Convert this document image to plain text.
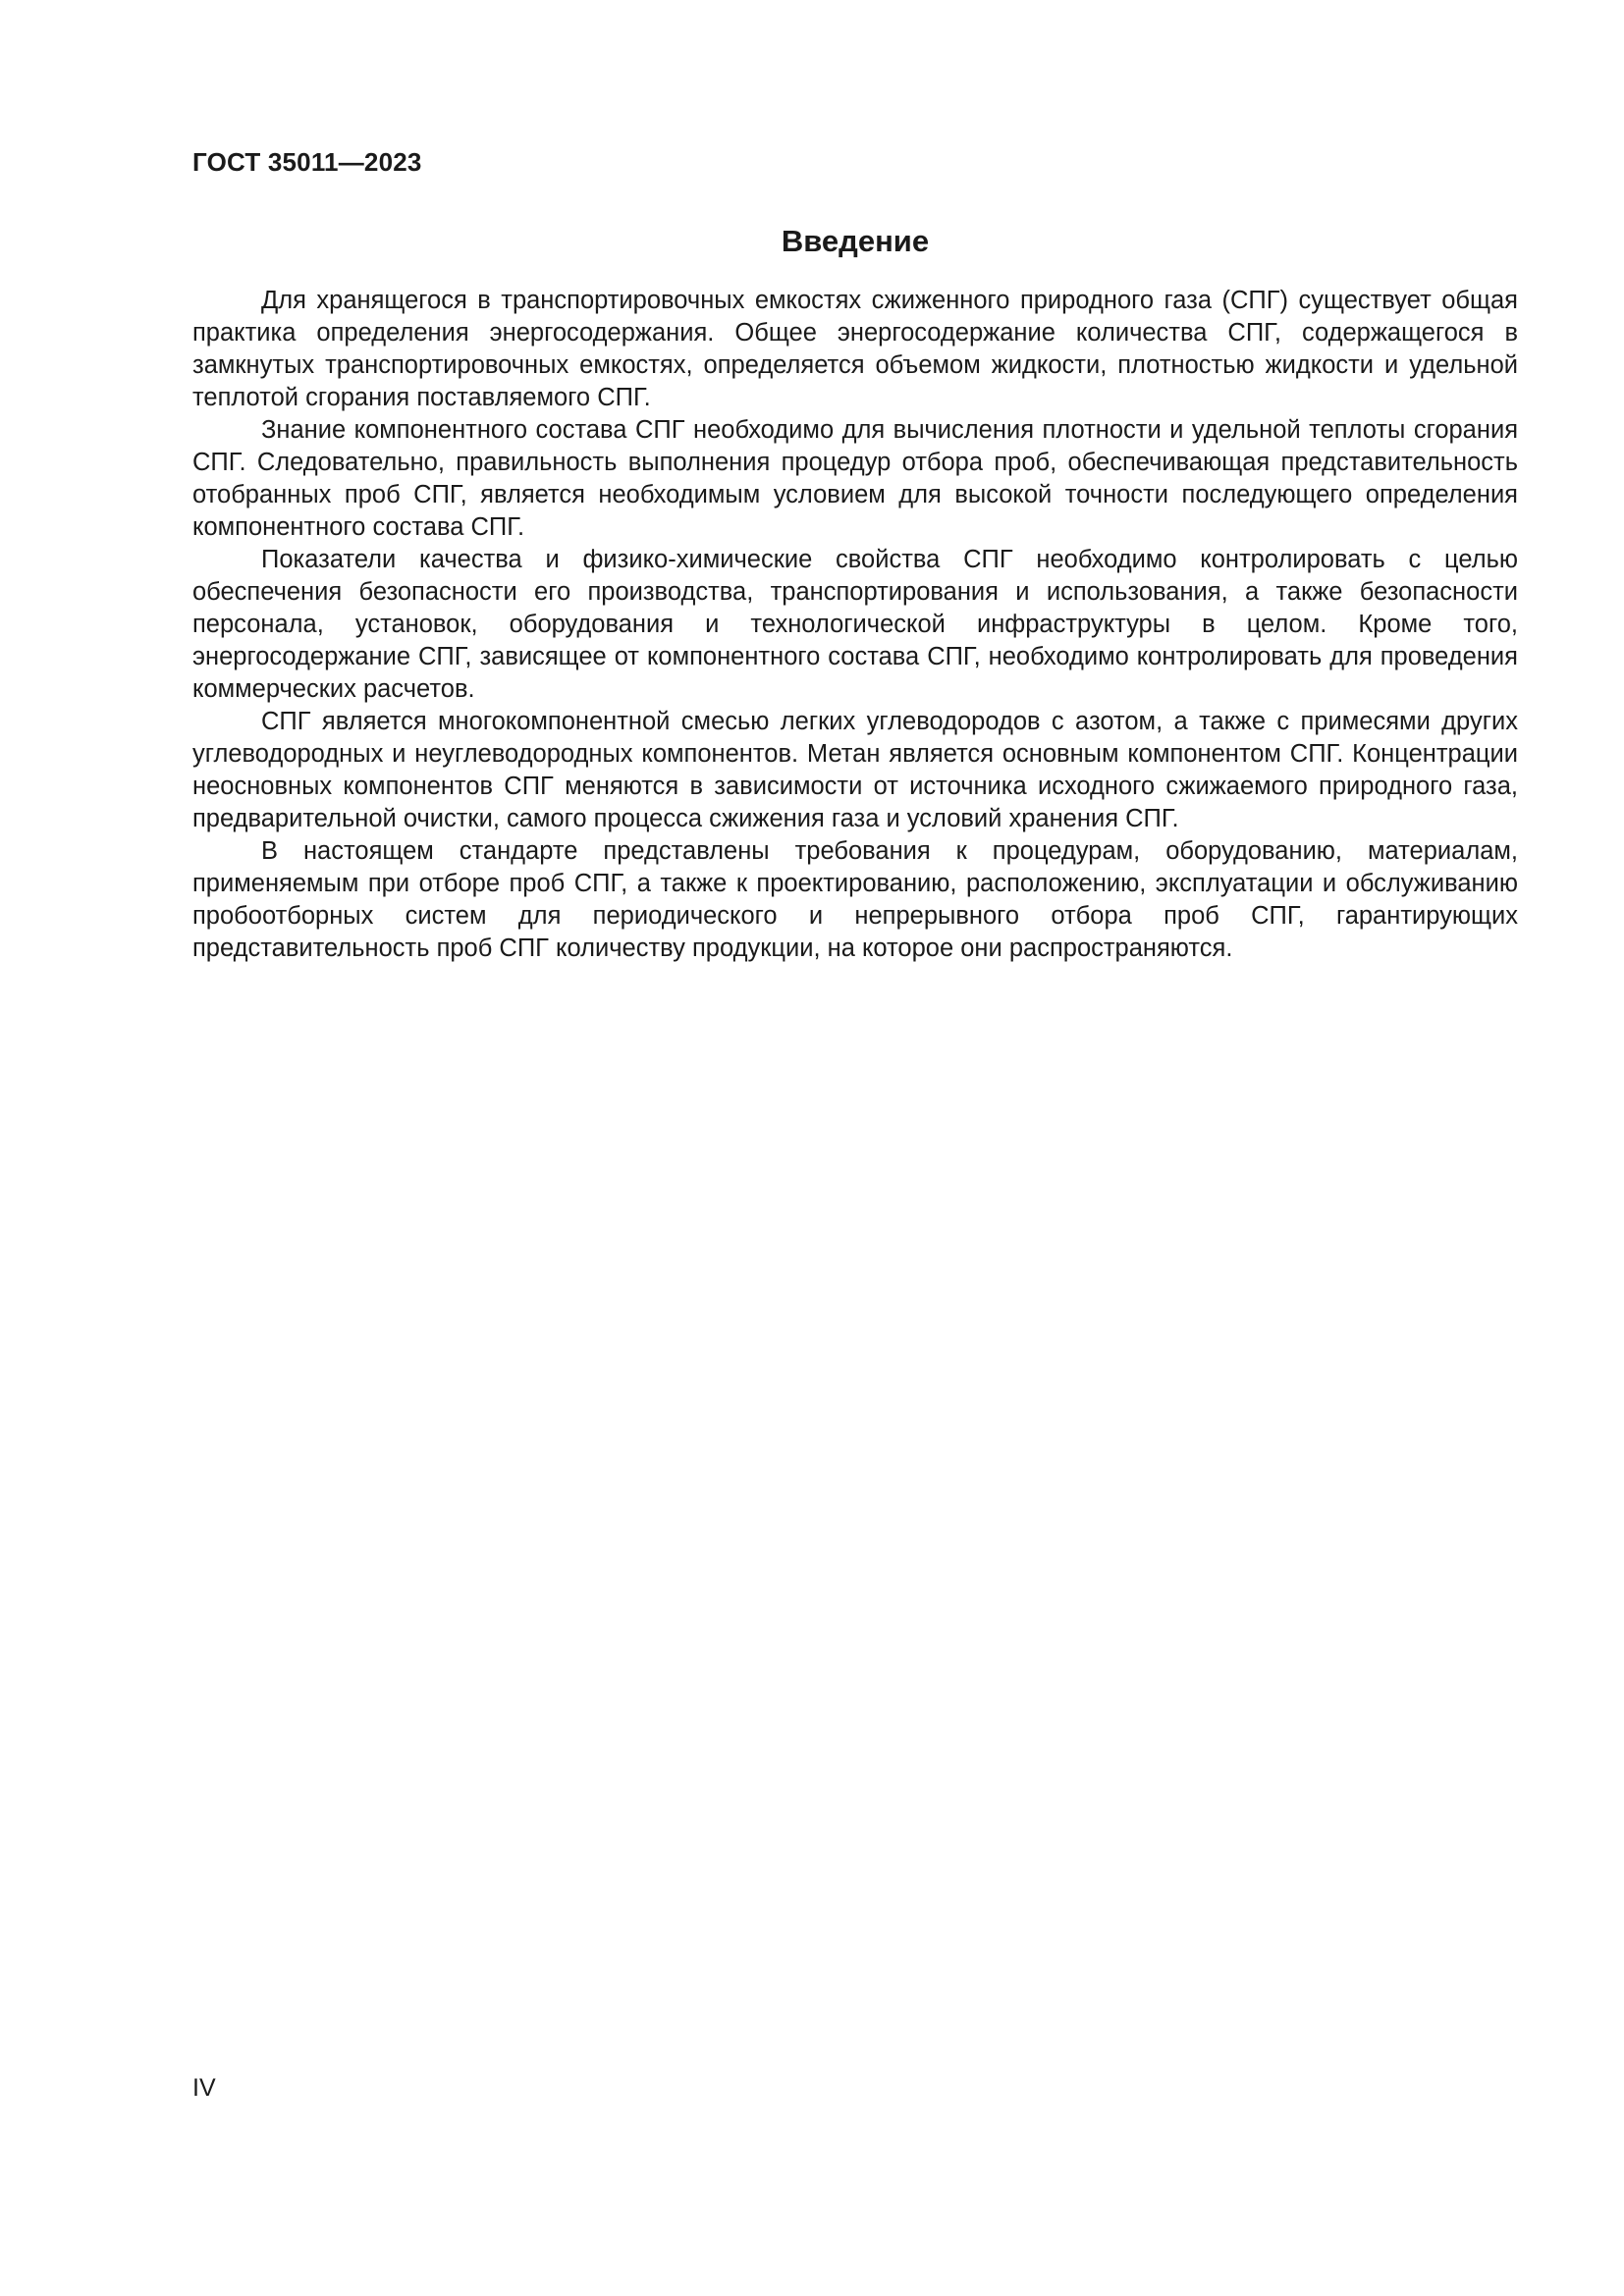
ГОСТ 35011—2023
Введение

Для хранящегося в транспортировочных емкостях сжиженного природного газа (СПГ) существует общая практика определения энергосодержания. Общее энергосодержание количества СПГ, содержащегося в замкнутых транспортировочных емкостях, определяется объемом жидкости, плотностью жидкости и удельной теплотой сгорания поставляемого СПГ.

Знание компонентного состава СПГ необходимо для вычисления плотности и удельной теплоты сгорания СПГ. Следовательно, правильность выполнения процедур отбора проб, обеспечивающая представительность отобранных проб СПГ, является необходимым условием для высокой точности последующего определения компонентного состава СПГ.

Показатели качества и физико-химические свойства СПГ необходимо контролировать с целью обеспечения безопасности его производства, транспортирования и использования, а также безопасности персонала, установок, оборудования и технологической инфраструктуры в целом. Кроме того, энергосодержание СПГ, зависящее от компонентного состава СПГ, необходимо контролировать для проведения коммерческих расчетов.

СПГ является многокомпонентной смесью легких углеводородов с азотом, а также с примесями других углеводородных и неуглеводородных компонентов. Метан является основным компонентом СПГ. Концентрации неосновных компонентов СПГ меняются в зависимости от источника исходного сжижаемого природного газа, предварительной очистки, самого процесса сжижения газа и условий хранения СПГ.

В настоящем стандарте представлены требования к процедурам, оборудованию, материалам, применяемым при отборе проб СПГ, а также к проектированию, расположению, эксплуатации и обслуживанию пробоотборных систем для периодического и непрерывного отбора проб СПГ, гарантирующих представительность проб СПГ количеству продукции, на которое они распространяются.

IV
